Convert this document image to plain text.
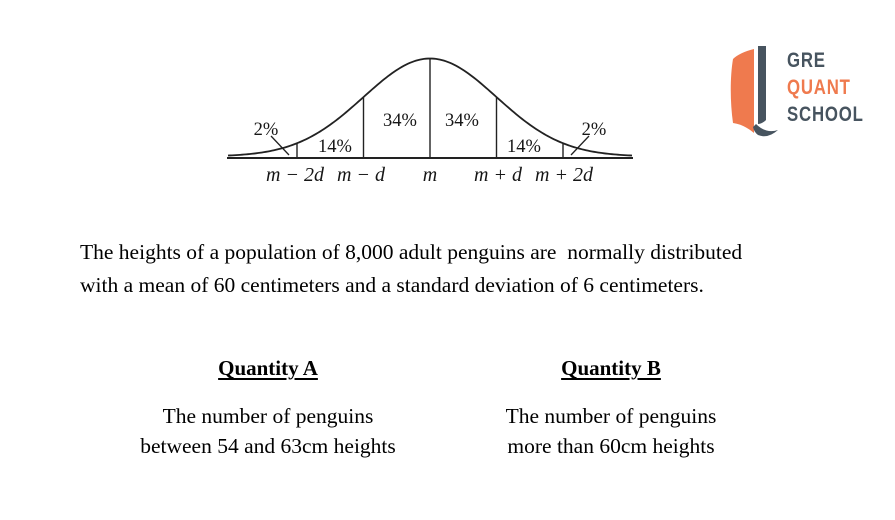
2%
14%
34% 34%
14%
2%
m − 2d m − d m m + d m + 2d
GRE
QUANT
SCHOOL
The heights of a population of 8,000 adult penguins are  normally distributed
with a mean of 60 centimeters and a standard deviation of 6 centimeters.
Quantity A
The number of penguins
between 54 and 63cm heights
Quantity B
The number of penguins
more than 60cm heights
